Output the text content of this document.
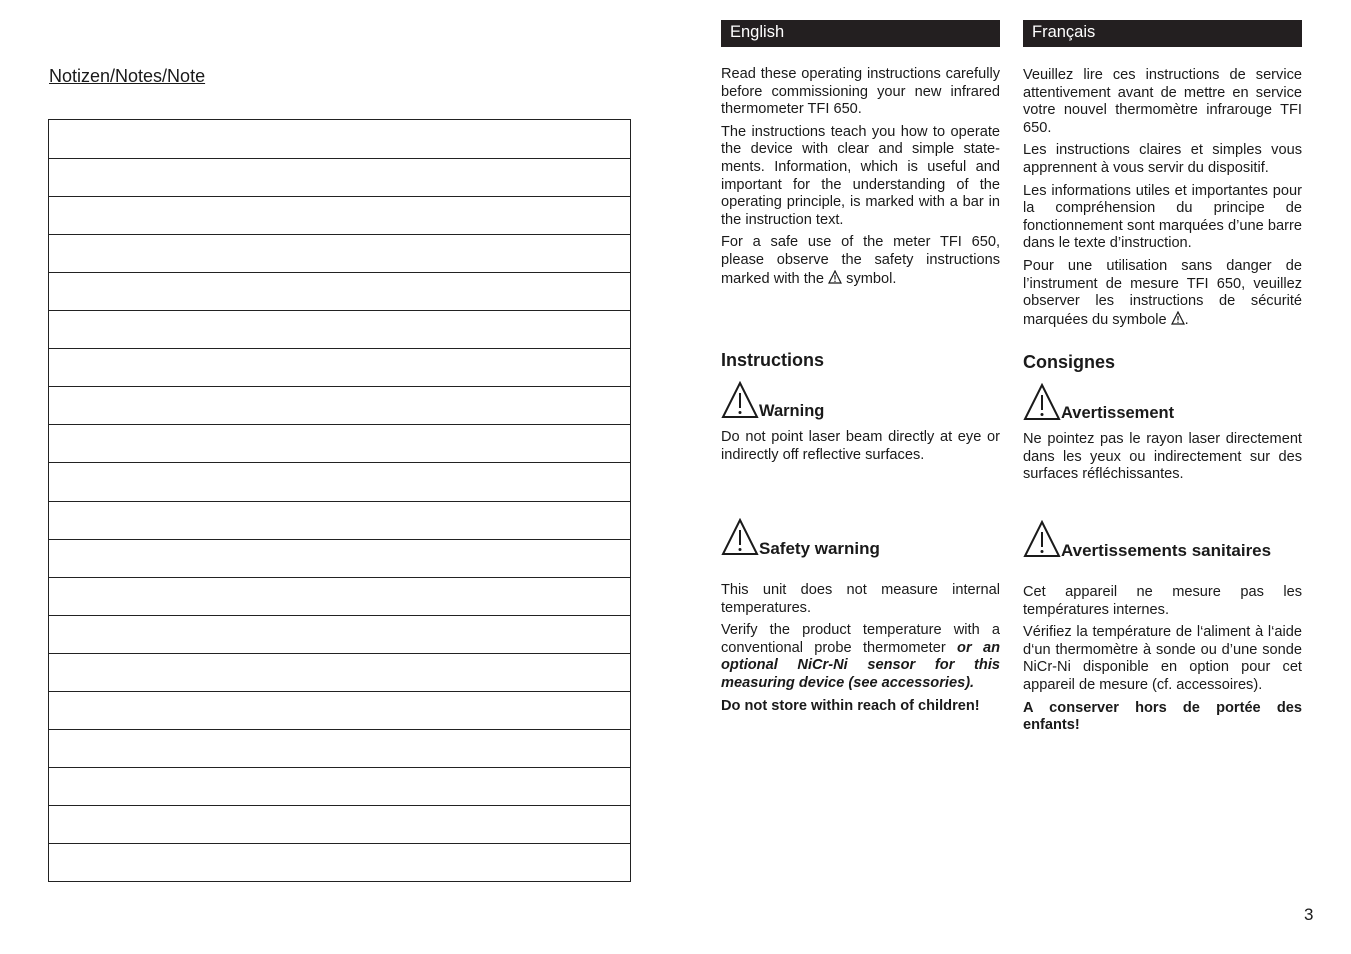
Notizen/Notes/Note
English

Read these operating instructions carefully before commissioning your new infrared thermometer TFI 650.

The instructions teach you how to operate the device with clear and simple state-ments. Information, which is useful and important for the understanding of the operating principle, is marked with a bar in the instruction text.

For a safe use of the meter TFI 650, please observe the safety instructions marked with the symbol.

Instructions
Warning

Do not point laser beam directly at eye or indirectly off reflective surfaces.

Safety warning

This unit does not measure internal temperatures.

Verify the product temperature with a conventional probe thermometer or an optional NiCr-Ni sensor for this measuring device (see accessories).

Do not store within reach of children!

Français

Veuillez lire ces instructions de service attentivement avant de mettre en service votre nouvel thermomètre infrarouge TFI 650.

Les instructions claires et simples vous apprennent à vous servir du dispositif.

Les informations utiles et importantes pour la compréhension du principe de fonctionnement sont marquées d’une barre dans le texte d’instruction.

Pour une utilisation sans danger de l’instrument de mesure TFI 650, veuillez observer les instructions de sécurité marquées du symbole .

Consignes
Avertissement

Ne pointez pas le rayon laser directement dans les yeux ou indirectement sur des surfaces réfléchissantes.

Avertissements sanitaires

Cet appareil ne mesure pas les températures internes.

Vérifiez la température de l‘aliment à l‘aide d‘un thermomètre à sonde ou d’une sonde NiCr-Ni disponible en option pour cet appareil de mesure (cf. accessoires).

A conserver hors de portée des enfants!

3
